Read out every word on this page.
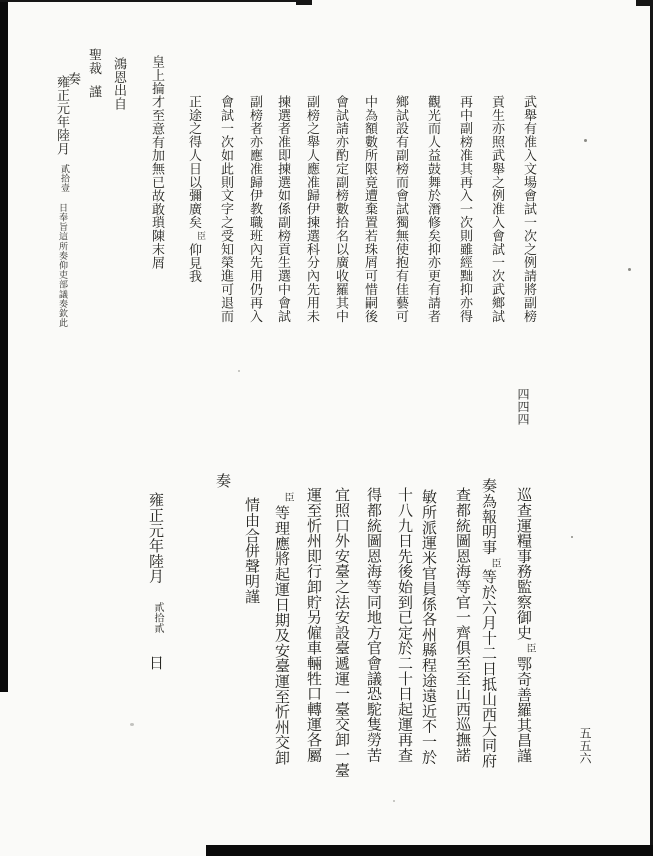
武舉有准入文場會試一次之例請將副榜
貢生亦照武舉之例准入會試一次武鄉試
再中副榜准其再入一次則雖經黜抑亦得
觀光而人益鼓舞於潛修矣抑亦更有請者
鄉試設有副榜而會試獨無使抱有佳藝可
中為額數所限竟遭棄置若珠屑可惜嗣後
會試請亦酌定副榜數拾名以廣收羅其中
副榜之舉人應准歸伊揀選科分內先用未
揀選者准即揀選如係副榜貢生選中會試
副榜者亦應准歸伊教職班內先用仍再入
會試一次如此則文字之受知榮進可退而
正途之得人日以彌廣矣
臣
仰見我
皇上掄才至意有加無已故敢瑣陳末屑
鴻恩出自
聖裁
謹
奏
雍正元年陸月
貳拾壹
日奉旨這所奏仰吏部議奏欽此
四四四
巡查運糧事務監察御史
臣
鄂奇善羅其昌謹
奏為報明事
臣
等於六月十二日抵山西大同府
查都統圖恩海等官一齊俱至至山西巡撫諾
敏所派運米官員係各州縣程途遠近不一於
十八九日先後始到已定於二十日起運再查
得都統圖恩海等同地方官會議恐駝隻勞苦
宜照口外安臺之法安設臺遞運一臺交卸一臺
運至忻州即行卸貯另僱車輛牲口轉運各屬
臣
等理應將起運日期及安臺運至忻州交卸
情由合併聲明謹
奏
雍正元年陸月
貳拾貳
日
五五六
